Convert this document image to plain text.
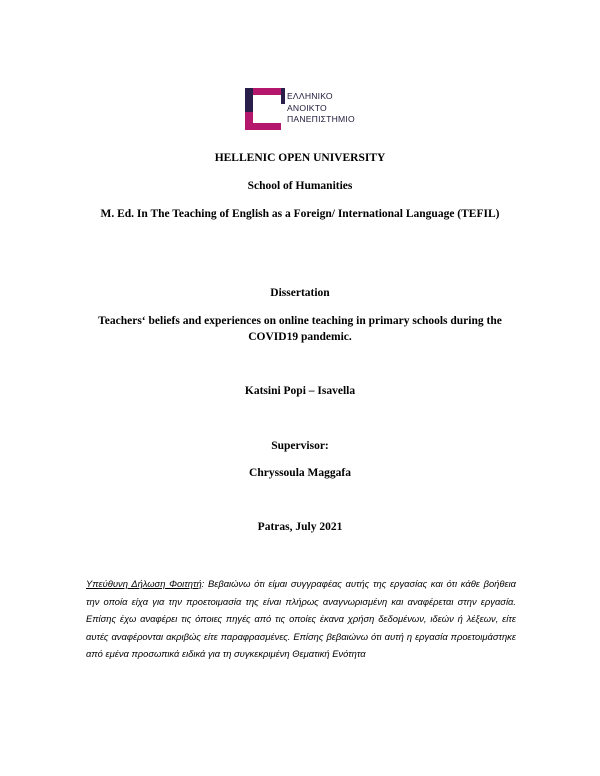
ΕΛΛΗΝΙΚΟ
ΑΝΟΙΚΤΟ
ΠΑΝΕΠΙΣΤΗΜΙΟ
HELLENIC OPEN UNIVERSITY
School of Humanities
M. Ed. In The Teaching of English as a Foreign/ International Language (TEFIL)
Dissertation
Teachers‘ beliefs and experiences on online teaching in primary schools during the
COVID19 pandemic.
Katsini Popi – Isavella
Supervisor:
Chryssoula Maggafa
Patras, July 2021
Υπεύθυνη Δήλωση Φοιτητή: Βεβαιώνω ότι είμαι συγγραφέας αυτής της εργασίας και ότι κάθε βοήθεια την οποία είχα για την προετοιμασία της είναι πλήρως αναγνωρισμένη και αναφέρεται στην εργασία. Επίσης έχω αναφέρει τις όποιες πηγές από τις οποίες έκανα χρήση δεδομένων, ιδεών ή λέξεων, είτε αυτές αναφέρονται ακριβώς είτε παραφρασμένες. Επίσης βεβαιώνω ότι αυτή η εργασία προετοιμάστηκε από εμένα προσωπικά ειδικά για τη συγκεκριμένη Θεματική Ενότητα
